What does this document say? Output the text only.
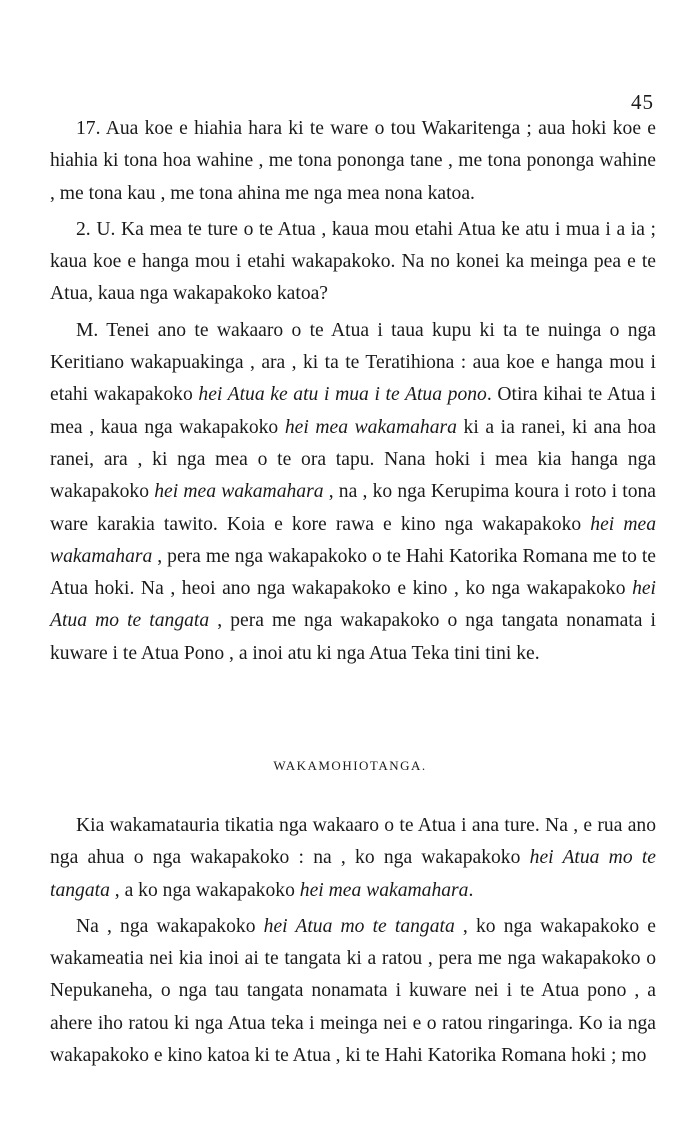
45

17. Aua koe e hiahia hara ki te ware o tou Wakaritenga ; aua hoki koe e hiahia ki tona hoa wahine , me tona pononga tane , me tona pononga wahine , me tona kau , me tona ahina me nga mea nona katoa.

2. U. Ka mea te ture o te Atua , kaua mou etahi Atua ke atu i mua i a ia ; kaua koe e hanga mou i etahi wakapakoko. Na no konei ka meinga pea e te Atua, kaua nga wakapakoko katoa?

M. Tenei ano te wakaaro o te Atua i taua kupu ki ta te nuinga o nga Keritiano wakapuakinga , ara , ki ta te Teratihiona : aua koe e hanga mou i etahi wakapakoko hei Atua ke atu i mua i te Atua pono. Otira kihai te Atua i mea , kaua nga wakapakoko hei mea wakamahara ki a ia ranei, ki ana hoa ranei, ara , ki nga mea o te ora tapu. Nana hoki i mea kia hanga nga wakapakoko hei mea wakamahara , na , ko nga Kerupima koura i roto i tona ware karakia tawito. Koia e kore rawa e kino nga wakapakoko hei mea wakamahara , pera me nga wakapakoko o te Hahi Katorika Romana me to te Atua hoki. Na , heoi ano nga wakapakoko e kino , ko nga wakapakoko hei Atua mo te tangata , pera me nga wakapakoko o nga tangata nonamata i kuware i te Atua Pono , a inoi atu ki nga Atua Teka tini tini ke.

WAKAMOHIOTANGA.

Kia wakamatauria tikatia nga wakaaro o te Atua i ana ture. Na , e rua ano nga ahua o nga wakapakoko : na , ko nga wakapakoko hei Atua mo te tangata , a ko nga wakapakoko hei mea wakamahara.

Na , nga wakapakoko hei Atua mo te tangata , ko nga wakapakoko e wakameatia nei kia inoi ai te tangata ki a ratou , pera me nga wakapakoko o Nepukaneha, o nga tau tangata nonamata i kuware nei i te Atua pono , a ahere iho ratou ki nga Atua teka i meinga nei e o ratou ringaringa. Ko ia nga wakapakoko e kino katoa ki te Atua , ki te Hahi Katorika Romana hoki ; mo
